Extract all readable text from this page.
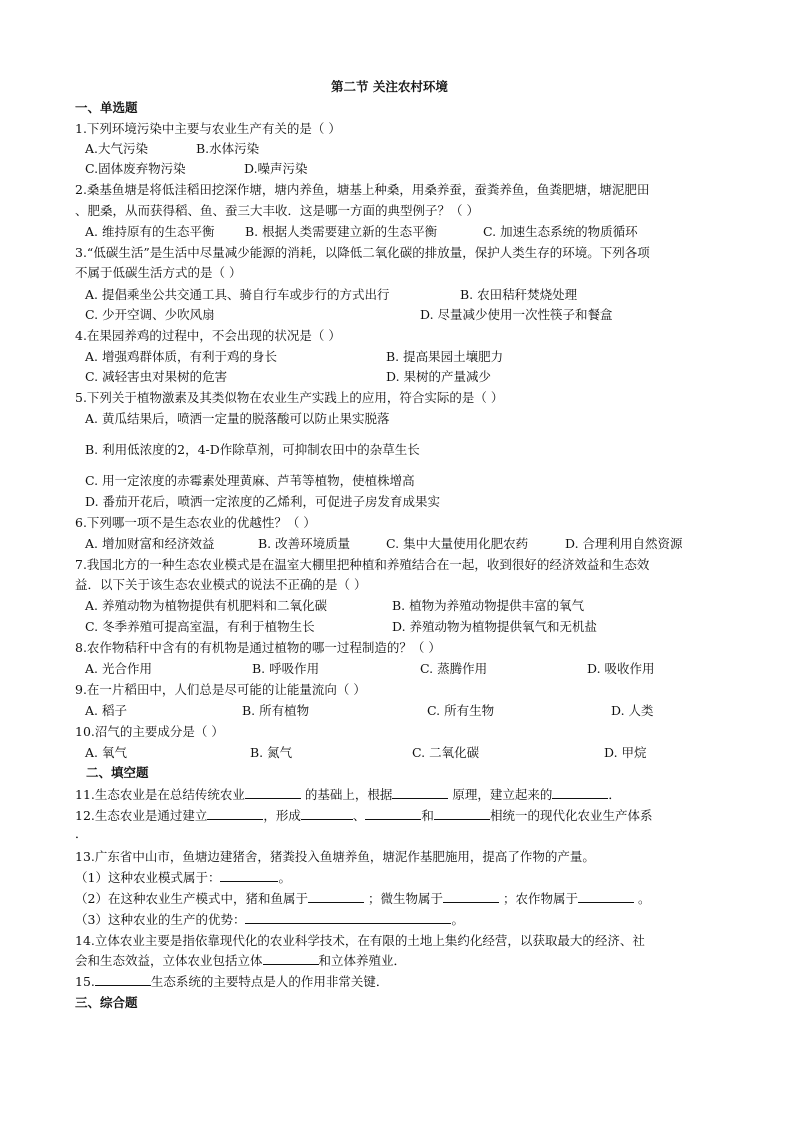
第二节 关注农村环境
一、单选题
1.下列环境污染中主要与农业生产有关的是（ ）
A.大气污染	B.水体污染
C.固体废弃物污染	D.噪声污染
2.桑基鱼塘是将低洼稻田挖深作塘，塘内养鱼，塘基上种桑，用桑养蚕，蚕粪养鱼，鱼粪肥塘，塘泥肥田
、肥桑，从而获得稻、鱼、蚕三大丰收．这是哪一方面的典型例子？（ ）
A. 维持原有的生态平衡 B. 根据人类需要建立新的生态平衡	C. 加速生态系统的物质循环
3.“低碳生活”是生活中尽量减少能源的消耗，以降低二氧化碳的排放量，保护人类生存的环境。下列各项
不属于低碳生活方式的是（ ）
A. 提倡乘坐公共交通工具、骑自行车或步行的方式出行	B. 农田秸秆焚烧处理
C. 少开空调、少吹风扇	D. 尽量减少使用一次性筷子和餐盒
4.在果园养鸡的过程中，不会出现的状况是（ ）
A. 增强鸡群体质，有利于鸡的身长	B. 提高果园土壤肥力
C. 减轻害虫对果树的危害	D. 果树的产量减少
5.下列关于植物激素及其类似物在农业生产实践上的应用，符合实际的是（ ）
A. 黄瓜结果后，喷洒一定量的脱落酸可以防止果实脱落
B. 利用低浓度的2，4-D作除草剂，可抑制农田中的杂草生长
C. 用一定浓度的赤霉素处理黄麻、芦苇等植物，使植株增高
D. 番茄开花后，喷洒一定浓度的乙烯利，可促进子房发育成果实
6.下列哪一项不是生态农业的优越性？（ ）
A. 增加财富和经济效益	B. 改善环境质量	C. 集中大量使用化肥农药	D. 合理利用自然资源
7.我国北方的一种生态农业模式是在温室大棚里把种植和养殖结合在一起，收到很好的经济效益和生态效
益．以下关于该生态农业模式的说法不正确的是（ ）
A. 养殖动物为植物提供有机肥料和二氧化碳	B. 植物为养殖动物提供丰富的氧气
C. 冬季养殖可提高室温，有利于植物生长	D. 养殖动物为植物提供氧气和无机盐
8.农作物秸秆中含有的有机物是通过植物的哪一过程制造的？（ ）
A. 光合作用	B. 呼吸作用	C. 蒸腾作用	D. 吸收作用
9.在一片稻田中，人们总是尽可能的让能量流向（ ）
A. 稻子	B. 所有植物	C. 所有生物	D. 人类
10.沼气的主要成分是（ ）
A. 氧气	B. 氮气	C. 二氧化碳	D. 甲烷
二、填空题
11.生态农业是在总结传统农业	的基础上，根据	原理，建立起来的	．
12.生态农业是通过建立	，形成	、	和	相统一的现代化农业生产体系
．
13.广东省中山市，鱼塘边建猪舍，猪粪投入鱼塘养鱼，塘泥作基肥施用，提高了作物的产量。
（1）这种农业模式属于：	。
（2）在这种农业生产模式中，猪和鱼属于	；微生物属于	；农作物属于	。
（3）这种农业的生产的优势：	。
14.立体农业主要是指依靠现代化的农业科学技术，在有限的土地上集约化经营，以获取最大的经济、社
会和生态效益，立体农业包括立体	和立体养殖业．
15.	生态系统的主要特点是人的作用非常关键．
三、综合题
